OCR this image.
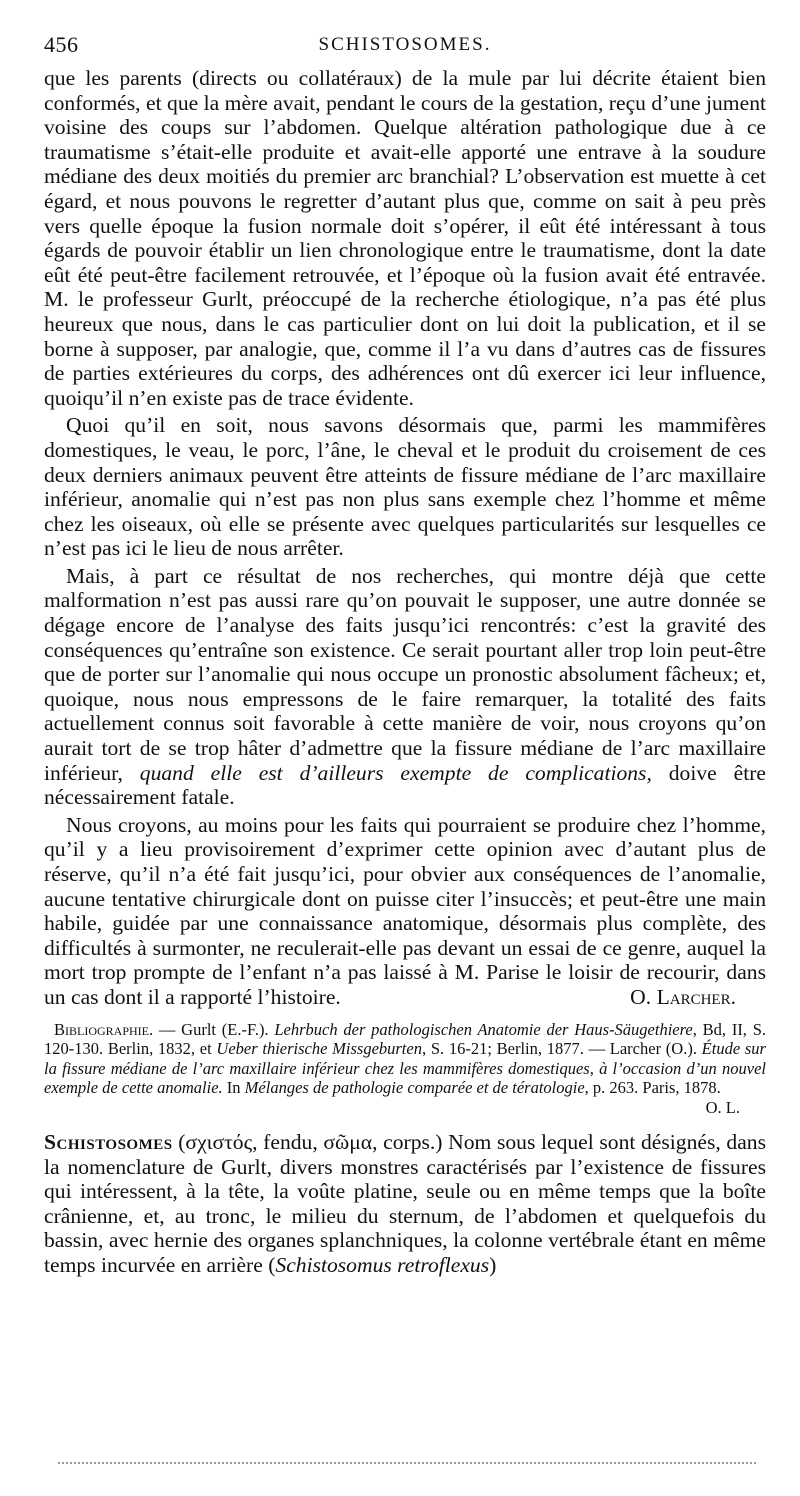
456	SCHISTOSOMES.

que les parents (directs ou collatéraux) de la mule par lui décrite étaient bien conformés, et que la mère avait, pendant le cours de la gestation, reçu d’une jument voisine des coups sur l’abdomen. Quelque altération pathologique due à ce traumatisme s’était-elle produite et avait-elle apporté une entrave à la soudure médiane des deux moitiés du premier arc branchial? L’observation est muette à cet égard, et nous pouvons le regretter d’autant plus que, comme on sait à peu près vers quelle époque la fusion normale doit s’opérer, il eût été intéressant à tous égards de pouvoir établir un lien chronologique entre le traumatisme, dont la date eût été peut-être facilement retrouvée, et l’époque où la fusion avait été entravée. M. le professeur Gurlt, préoccupé de la recherche étiologique, n’a pas été plus heureux que nous, dans le cas particulier dont on lui doit la publication, et il se borne à supposer, par analogie, que, comme il l’a vu dans d’autres cas de fissures de parties extérieures du corps, des adhérences ont dû exercer ici leur influence, quoiqu’il n’en existe pas de trace évidente.

Quoi qu’il en soit, nous savons désormais que, parmi les mammifères domestiques, le veau, le porc, l’âne, le cheval et le produit du croisement de ces deux derniers animaux peuvent être atteints de fissure médiane de l’arc maxillaire inférieur, anomalie qui n’est pas non plus sans exemple chez l’homme et même chez les oiseaux, où elle se présente avec quelques particularités sur lesquelles ce n’est pas ici le lieu de nous arrêter.

Mais, à part ce résultat de nos recherches, qui montre déjà que cette malformation n’est pas aussi rare qu’on pouvait le supposer, une autre donnée se dégage encore de l’analyse des faits jusqu’ici rencontrés: c’est la gravité des conséquences qu’entraîne son existence. Ce serait pourtant aller trop loin peut-être que de porter sur l’anomalie qui nous occupe un pronostic absolument fâcheux; et, quoique, nous nous empressons de le faire remarquer, la totalité des faits actuellement connus soit favorable à cette manière de voir, nous croyons qu’on aurait tort de se trop hâter d’admettre que la fissure médiane de l’arc maxillaire inférieur, quand elle est d’ailleurs exempte de complications, doive être nécessairement fatale.

Nous croyons, au moins pour les faits qui pourraient se produire chez l’homme, qu’il y a lieu provisoirement d’exprimer cette opinion avec d’autant plus de réserve, qu’il n’a été fait jusqu’ici, pour obvier aux conséquences de l’anomalie, aucune tentative chirurgicale dont on puisse citer l’insuccès; et peut-être une main habile, guidée par une connaissance anatomique, désormais plus complète, des difficultés à surmonter, ne reculerait-elle pas devant un essai de ce genre, auquel la mort trop prompte de l’enfant n’a pas laissé à M. Parise le loisir de recourir, dans un cas dont il a rapporté l’histoire.	O. Larcher.

Bibliographie. — Gurlt (E.-F.). Lehrbuch der pathologischen Anatomie der Haus-Säugethiere, Bd, II, S. 120-130. Berlin, 1832, et Ueber thierische Missgeburten, S. 16-21; Berlin, 1877. — Larcher (O.). Étude sur la fissure médiane de l’arc maxillaire inférieur chez les mammifères domestiques, à l’occasion d’un nouvel exemple de cette anomalie. In Mélanges de pathologie comparée et de tératologie, p. 263. Paris, 1878.
O. L.

Schistosomes (σχιστός, fendu, σῶμα, corps.) Nom sous lequel sont désignés, dans la nomenclature de Gurlt, divers monstres caractérisés par l’existence de fissures qui intéressent, à la tête, la voûte platine, seule ou en même temps que la boîte crânienne, et, au tronc, le milieu du sternum, de l’abdomen et quelquefois du bassin, avec hernie des organes splanchniques, la colonne vertébrale étant en même temps incurvée en arrière (Schistosomus retroflexus)
